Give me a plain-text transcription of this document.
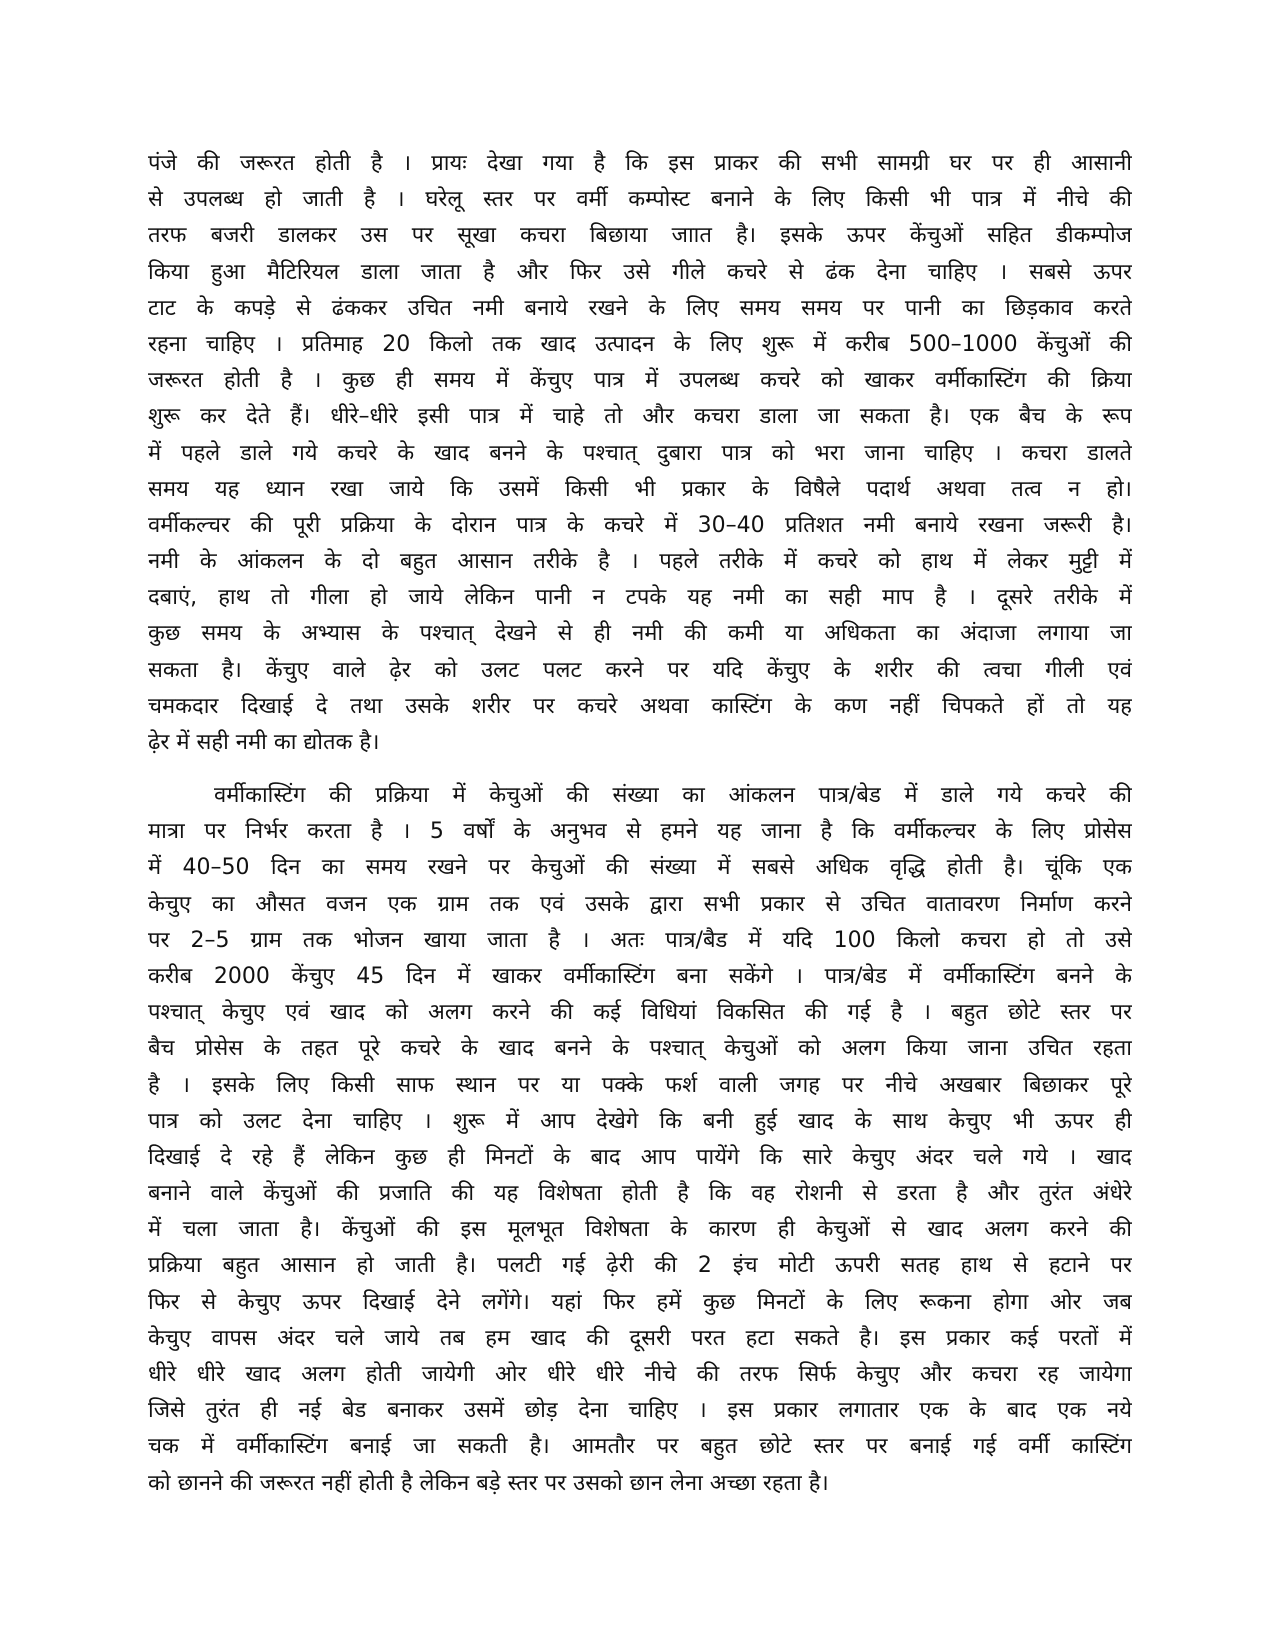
पंजे की जरूरत होती है । प्रायः देखा गया है कि इस प्राकर की सभी सामग्री घर पर ही आसानी
से उपलब्ध हो जाती है । घरेलू स्तर पर वर्मी कम्पोस्ट बनाने के लिए किसी भी पात्र में नीचे की
तरफ बजरी डालकर उस पर सूखा कचरा बिछाया जाात है। इसके ऊपर केंचुओं सहित डीकम्पोज
किया हुआ मैटिरियल डाला जाता है और फिर उसे गीले कचरे से ढंक देना चाहिए । सबसे ऊपर
टाट के कपड़े से ढंककर उचित नमी बनाये रखने के लिए समय समय पर पानी का छिड़काव करते
रहना चाहिए । प्रतिमाह 20 किलो तक खाद उत्पादन के लिए शुरू में करीब 500–1000 केंचुओं की
जरूरत होती है । कुछ ही समय में केंचुए पात्र में उपलब्ध कचरे को खाकर वर्मीकास्टिंग की क्रिया
शुरू कर देते हैं। धीरे–धीरे इसी पात्र में चाहे तो और कचरा डाला जा सकता है। एक बैच के रूप
में पहले डाले गये कचरे के खाद बनने के पश्चात् दुबारा पात्र को भरा जाना चाहिए । कचरा डालते
समय यह ध्यान रखा जाये कि उसमें किसी भी प्रकार के विषैले पदार्थ अथवा तत्व न हो।
वर्मीकल्चर की पूरी प्रक्रिया के दोरान पात्र के कचरे में 30–40 प्रतिशत नमी बनाये रखना जरूरी है।
नमी के आंकलन के दो बहुत आसान तरीके है । पहले तरीके में कचरे को हाथ में लेकर मुट्टी में
दबाएं, हाथ तो गीला हो जाये लेकिन पानी न टपके यह नमी का सही माप है । दूसरे तरीके में
कुछ समय के अभ्यास के पश्चात् देखने से ही नमी की कमी या अधिकता का अंदाजा लगाया जा
सकता है। केंचुए वाले ढ़ेर को उलट पलट करने पर यदि केंचुए के शरीर की त्वचा गीली एवं
चमकदार दिखाई दे तथा उसके शरीर पर कचरे अथवा कास्टिंग के कण नहीं चिपकते हों तो यह
ढ़ेर में सही नमी का द्योतक है।
वर्मीकास्टिंग की प्रक्रिया में केचुओं की संख्या का आंकलन पात्र/बेड में डाले गये कचरे की
मात्रा पर निर्भर करता है । 5 वर्षों के अनुभव से हमने यह जाना है कि वर्मीकल्चर के लिए प्रोसेस
में 40–50 दिन का समय रखने पर केचुओं की संख्या में सबसे अधिक वृद्धि होती है। चूंकि एक
केचुए का औसत वजन एक ग्राम तक एवं उसके द्वारा सभी प्रकार से उचित वातावरण निर्माण करने
पर 2–5 ग्राम तक भोजन खाया जाता है । अतः पात्र/बैड में यदि 100 किलो कचरा हो तो उसे
करीब 2000 केंचुए 45 दिन में खाकर वर्मीकास्टिंग बना सकेंगे । पात्र/बेड में वर्मीकास्टिंग बनने के
पश्चात् केचुए एवं खाद को अलग करने की कई विधियां विकसित की गई है । बहुत छोटे स्तर पर
बैच प्रोसेस के तहत पूरे कचरे के खाद बनने के पश्चात् केचुओं को अलग किया जाना उचित रहता
है । इसके लिए किसी साफ स्थान पर या पक्के फर्श वाली जगह पर नीचे अखबार बिछाकर पूरे
पात्र को उलट देना चाहिए । शुरू में आप देखेगे कि बनी हुई खाद के साथ केचुए भी ऊपर ही
दिखाई दे रहे हैं लेकिन कुछ ही मिनटों के बाद आप पायेंगे कि सारे केचुए अंदर चले गये । खाद
बनाने वाले केंचुओं की प्रजाति की यह विशेषता होती है कि वह रोशनी से डरता है और तुरंत अंधेरे
में चला जाता है। केंचुओं की इस मूलभूत विशेषता के कारण ही केचुओं से खाद अलग करने की
प्रक्रिया बहुत आसान हो जाती है। पलटी गई ढ़ेरी की 2 इंच मोटी ऊपरी सतह हाथ से हटाने पर
फिर से केचुए ऊपर दिखाई देने लगेंगे। यहां फिर हमें कुछ मिनटों के लिए रूकना होगा ओर जब
केचुए वापस अंदर चले जाये तब हम खाद की दूसरी परत हटा सकते है। इस प्रकार कई परतों में
धीरे धीरे खाद अलग होती जायेगी ओर धीरे धीरे नीचे की तरफ सिर्फ केचुए और कचरा रह जायेगा
जिसे तुरंत ही नई बेड बनाकर उसमें छोड़ देना चाहिए । इस प्रकार लगातार एक के बाद एक नये
चक में वर्मीकास्टिंग बनाई जा सकती है। आमतौर पर बहुत छोटे स्तर पर बनाई गई वर्मी कास्टिंग
को छानने की जरूरत नहीं होती है लेकिन बड़े स्तर पर उसको छान लेना अच्छा रहता है।
